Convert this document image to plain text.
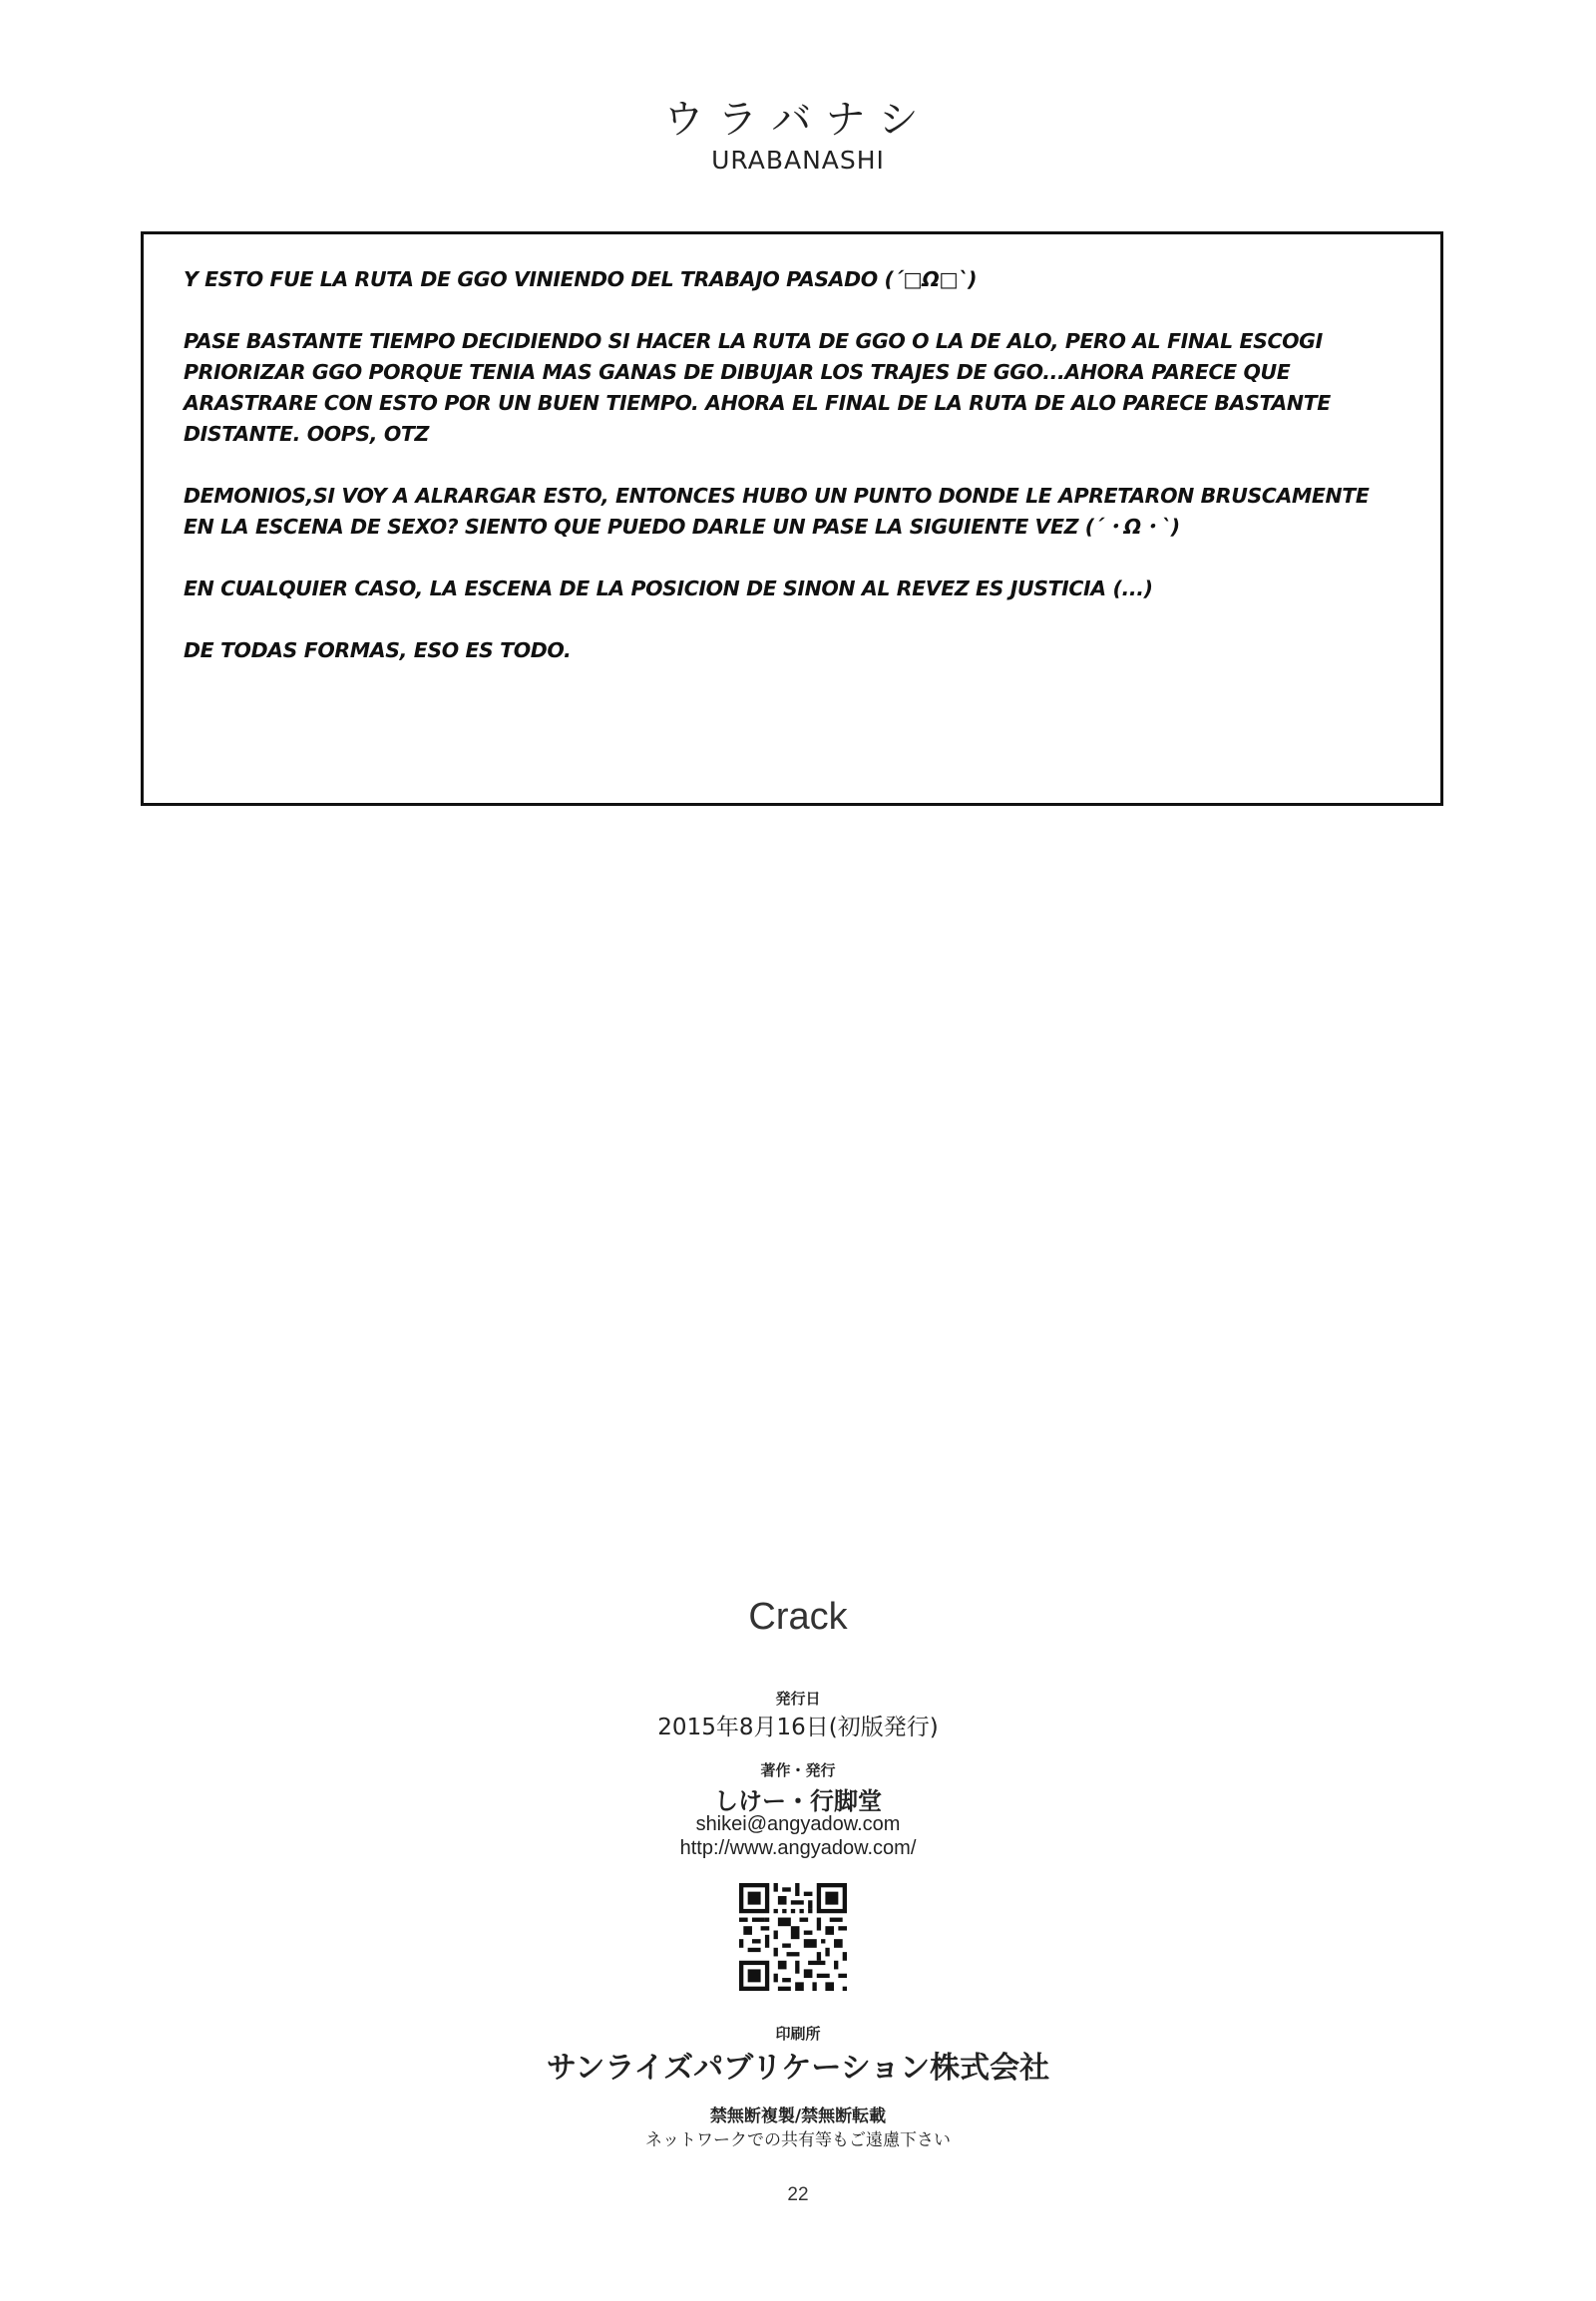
ウラバナシ
URABANASHI

Y ESTO FUE LA RUTA DE GGO VINIENDO DEL TRABAJO PASADO (´□Ω□`)

PASE BASTANTE TIEMPO DECIDIENDO SI HACER LA RUTA DE GGO O LA DE ALO, PERO AL FINAL ESCOGI PRIORIZAR GGO PORQUE TENIA MAS GANAS DE DIBUJAR LOS TRAJES DE GGO...AHORA PARECE QUE ARASTRARE CON ESTO POR UN BUEN TIEMPO. AHORA EL FINAL DE LA RUTA DE ALO PARECE BASTANTE DISTANTE. OOPS, OTZ

DEMONIOS,SI VOY A ALRARGAR ESTO, ENTONCES HUBO UN PUNTO DONDE LE APRETARON BRUSCAMENTE EN LA ESCENA DE SEXO? SIENTO QUE PUEDO DARLE UN PASE LA SIGUIENTE VEZ (´・Ω・`)

EN CUALQUIER CASO, LA ESCENA DE LA POSICION DE SINON AL REVEZ ES JUSTICIA (...)

DE TODAS FORMAS, ESO ES TODO.

Crack
発行日
2015年8月16日(初版発行)
著作・発行
しけー・行脚堂
shikei@angyadow.com
http://www.angyadow.com/
印刷所
サンライズパブリケーション株式会社
禁無断複製/禁無断転載
ネットワークでの共有等もご遠慮下さい
22
